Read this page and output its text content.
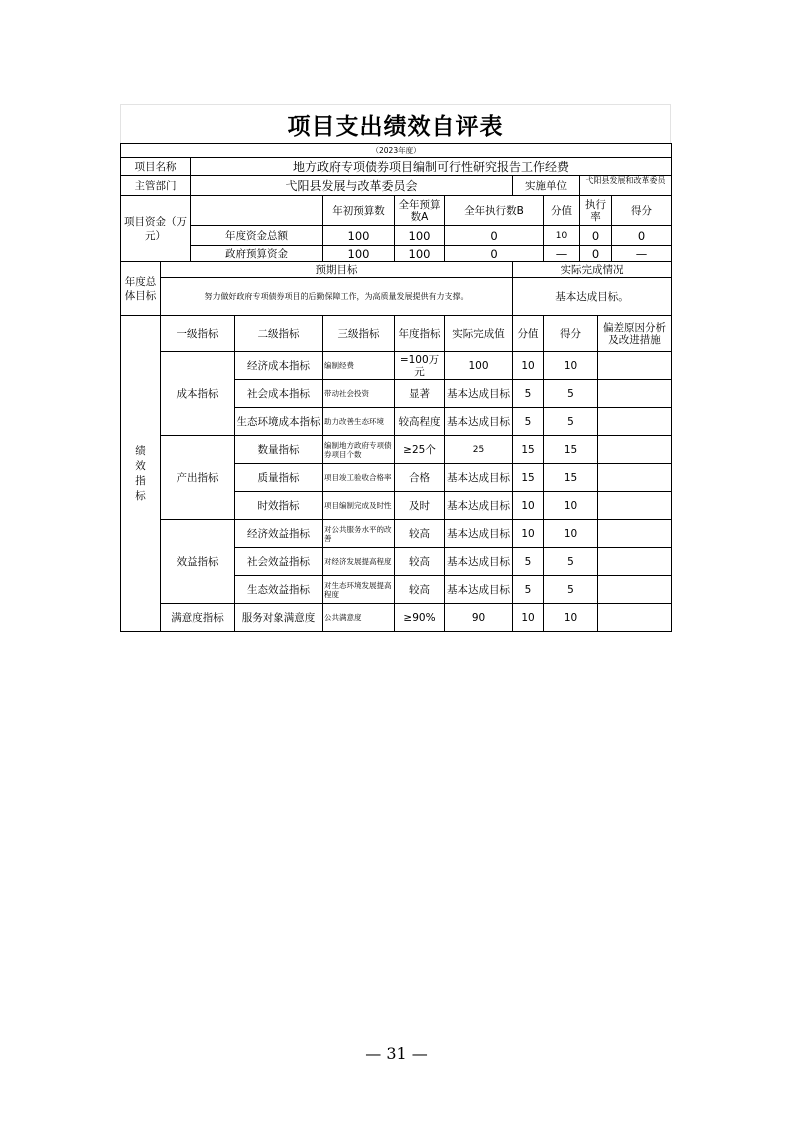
项目支出绩效自评表
（2023年度）											
项目名称		地方政府专项债券项目编制可行性研究报告工作经费									
主管部门		弋阳县发展与改革委员会					实施单位		弋阳县发展和改革委员		
项目资金（万元）				年初预算数	全年预算数A	全年执行数B		分值	执行率		得分
		年度资金总额		100	100	0		10	0		0
		政府预算资金		100	100	0		—	0		—
年度总体目标	预期目标						实际完成情况				
	努力做好政府专项债券项目的后勤保障工作，为高质量发展提供有力支撑。						基本达成目标。				
绩效指标	一级指标		二级指标	三级指标	年度指标	实际完成值	分值	得分		偏差原因分析及改进措施	
	成本指标		经济成本指标	编制经费	=100万元	100	10	10			
			社会成本指标	带动社会投资	显著	基本达成目标	5	5			
			生态环境成本指标	助力改善生态环境	较高程度	基本达成目标	5	5			
	产出指标		数量指标	编制地方政府专项债券项目个数	≥25个	25	15	15			
			质量指标	项目竣工验收合格率	合格	基本达成目标	15	15			
			时效指标	项目编制完成及时性	及时	基本达成目标	10	10			
	效益指标		经济效益指标	对公共服务水平的改善	较高	基本达成目标	10	10			
			社会效益指标	对经济发展提高程度	较高	基本达成目标	5	5			
			生态效益指标	对生态环境发展提高程度	较高	基本达成目标	5	5			
	满意度指标		服务对象满意度	公共满意度	≥90%	90	10	10			
— 31 —
